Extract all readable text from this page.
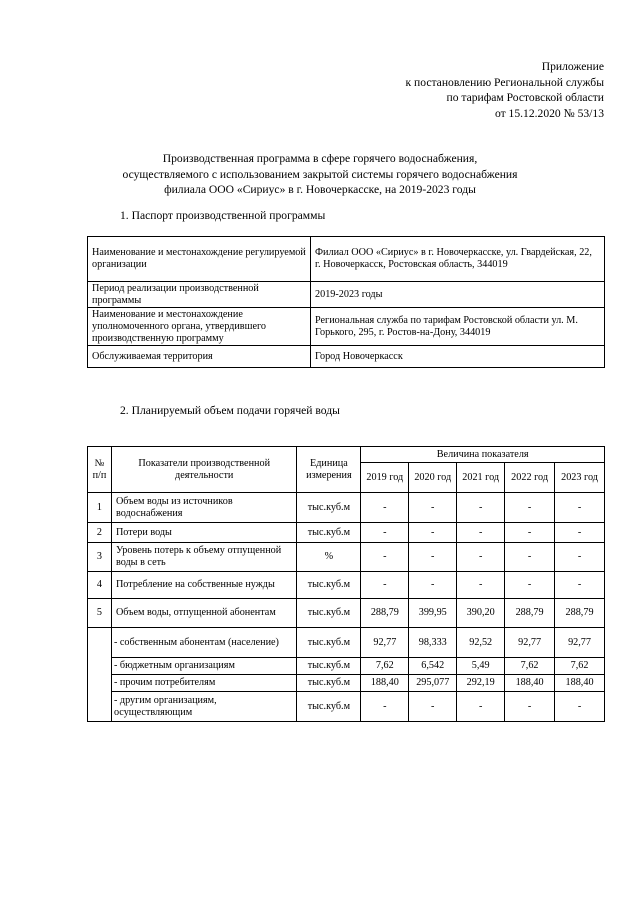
Приложение
к постановлению Региональной службы
по тарифам Ростовской области
от 15.12.2020 № 53/13
Производственная программа в сфере горячего водоснабжения,
осуществляемого с использованием закрытой системы горячего водоснабжения
филиала ООО «Сириус» в г. Новочеркасске, на 2019-2023 годы
1. Паспорт производственной программы
Наименование и местонахождение регулируемой организации	Филиал ООО «Сириус» в г. Новочеркасске, ул. Гвардейская, 22, г. Новочеркасск, Ростовская область, 344019
Период реализации производственной программы	2019-2023 годы
Наименование и местонахождение уполномоченного органа, утвердившего производственную программу	Региональная служба по тарифам Ростовской области ул. М. Горького, 295, г. Ростов-на-Дону, 344019
Обслуживаемая территория	Город Новочеркасск
2. Планируемый объем подачи горячей воды
№ п/п	Показатели производственной деятельности	Единица измерения	Величина показателя				
			2019 год	2020 год	2021 год	2022 год	2023 год
1	Объем воды из источников водоснабжения	тыс.куб.м	-	-	-	-	-
2	Потери воды	тыс.куб.м	-	-	-	-	-
3	Уровень потерь к объему отпущенной воды в сеть	%	-	-	-	-	-
4	Потребление на собственные нужды	тыс.куб.м	-	-	-	-	-
5	Объем воды, отпущенной абонентам	тыс.куб.м	288,79	399,95	390,20	288,79	288,79
	- собственным абонентам (население)	тыс.куб.м	92,77	98,333	92,52	92,77	92,77
	- бюджетным организациям	тыс.куб.м	7,62	6,542	5,49	7,62	7,62
	- прочим потребителям	тыс.куб.м	188,40	295,077	292,19	188,40	188,40
	- другим организациям, осуществляющим	тыс.куб.м	-	-	-	-	-
